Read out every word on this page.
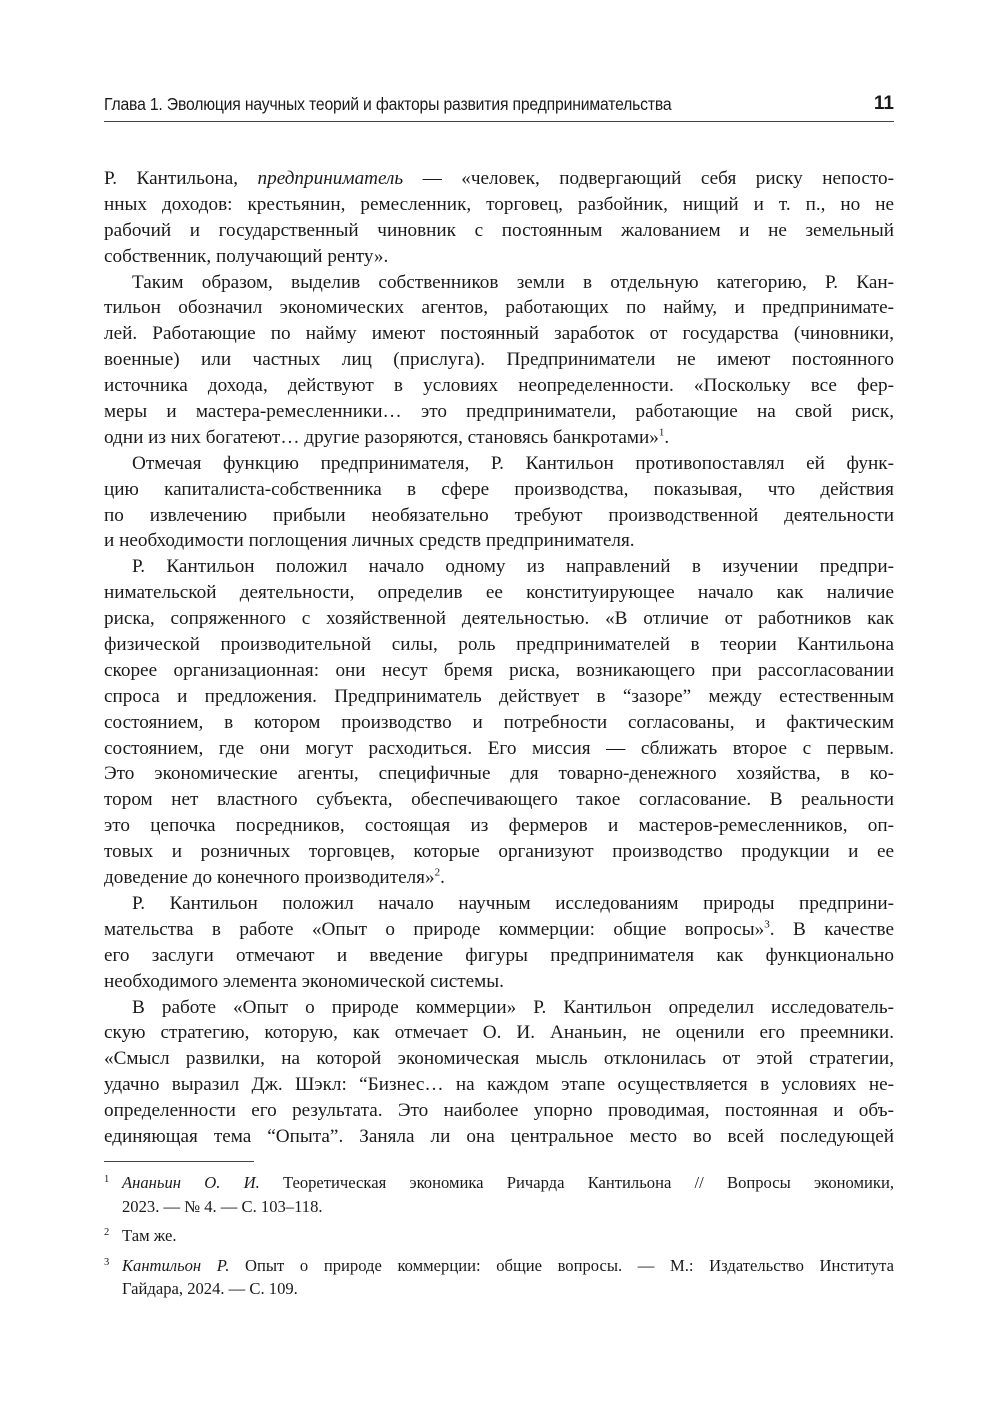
Глава 1. Эволюция научных теорий и факторы развития предпринимательства	11
Р. Кантильона, предприниматель — «человек, подвергающий себя риску непосто-
нных доходов: крестьянин, ремесленник, торговец, разбойник, нищий и т. п., но не
рабочий и государственный чиновник с постоянным жалованием и не земельный
собственник, получающий ренту».
Таким образом, выделив собственников земли в отдельную категорию, Р. Кан-
тильон обозначил экономических агентов, работающих по найму, и предпринимате-
лей. Работающие по найму имеют постоянный заработок от государства (чиновники,
военные) или частных лиц (прислуга). Предприниматели не имеют постоянного
источника дохода, действуют в условиях неопределенности. «Поскольку все фер-
меры и мастера-ремесленники… это предприниматели, работающие на свой риск,
одни из них богатеют… другие разоряются, становясь банкротами»$^1$.
Отмечая функцию предпринимателя, Р. Кантильон противопоставлял ей функ-
цию капиталиста-собственника в сфере производства, показывая, что действия
по извлечению прибыли необязательно требуют производственной деятельности
и необходимости поглощения личных средств предпринимателя.
Р. Кантильон положил начало одному из направлений в изучении предпри-
нимательской деятельности, определив ее конституирующее начало как наличие
риска, сопряженного с хозяйственной деятельностью. «В отличие от работников как
физической производительной силы, роль предпринимателей в теории Кантильона
скорее организационная: они несут бремя риска, возникающего при рассогласовании
спроса и предложения. Предприниматель действует в “зазоре” между естественным
состоянием, в котором производство и потребности согласованы, и фактическим
состоянием, где они могут расходиться. Его миссия — сближать второе с первым.
Это экономические агенты, специфичные для товарно-денежного хозяйства, в ко-
тором нет властного субъекта, обеспечивающего такое согласование. В реальности
это цепочка посредников, состоящая из фермеров и мастеров-ремесленников, оп-
товых и розничных торговцев, которые организуют производство продукции и ее
доведение до конечного производителя»$^2$.
Р. Кантильон положил начало научным исследованиям природы предприни-
мательства в работе «Опыт о природе коммерции: общие вопросы»$^3$. В качестве
его заслуги отмечают и введение фигуры предпринимателя как функционально
необходимого элемента экономической системы.
В работе «Опыт о природе коммерции» Р. Кантильон определил исследователь-
скую стратегию, которую, как отмечает О. И. Ананьин, не оценили его преемники.
«Смысл развилки, на которой экономическая мысль отклонилась от этой стратегии,
удачно выразил Дж. Шэкл: “Бизнес… на каждом этапе осуществляется в условиях не-
определенности его результата. Это наиболее упорно проводимая, постоянная и объ-
единяющая тема “Опыта”. Заняла ли она центральное место во всей последующей
1 Ананьин О. И. Теоретическая экономика Ричарда Кантильона // Вопросы экономики,
2023. — № 4. — С. 103–118.
2 Там же.
3 Кантильон Р. Опыт о природе коммерции: общие вопросы. — М.: Издательство Института
Гайдара, 2024. — С. 109.
